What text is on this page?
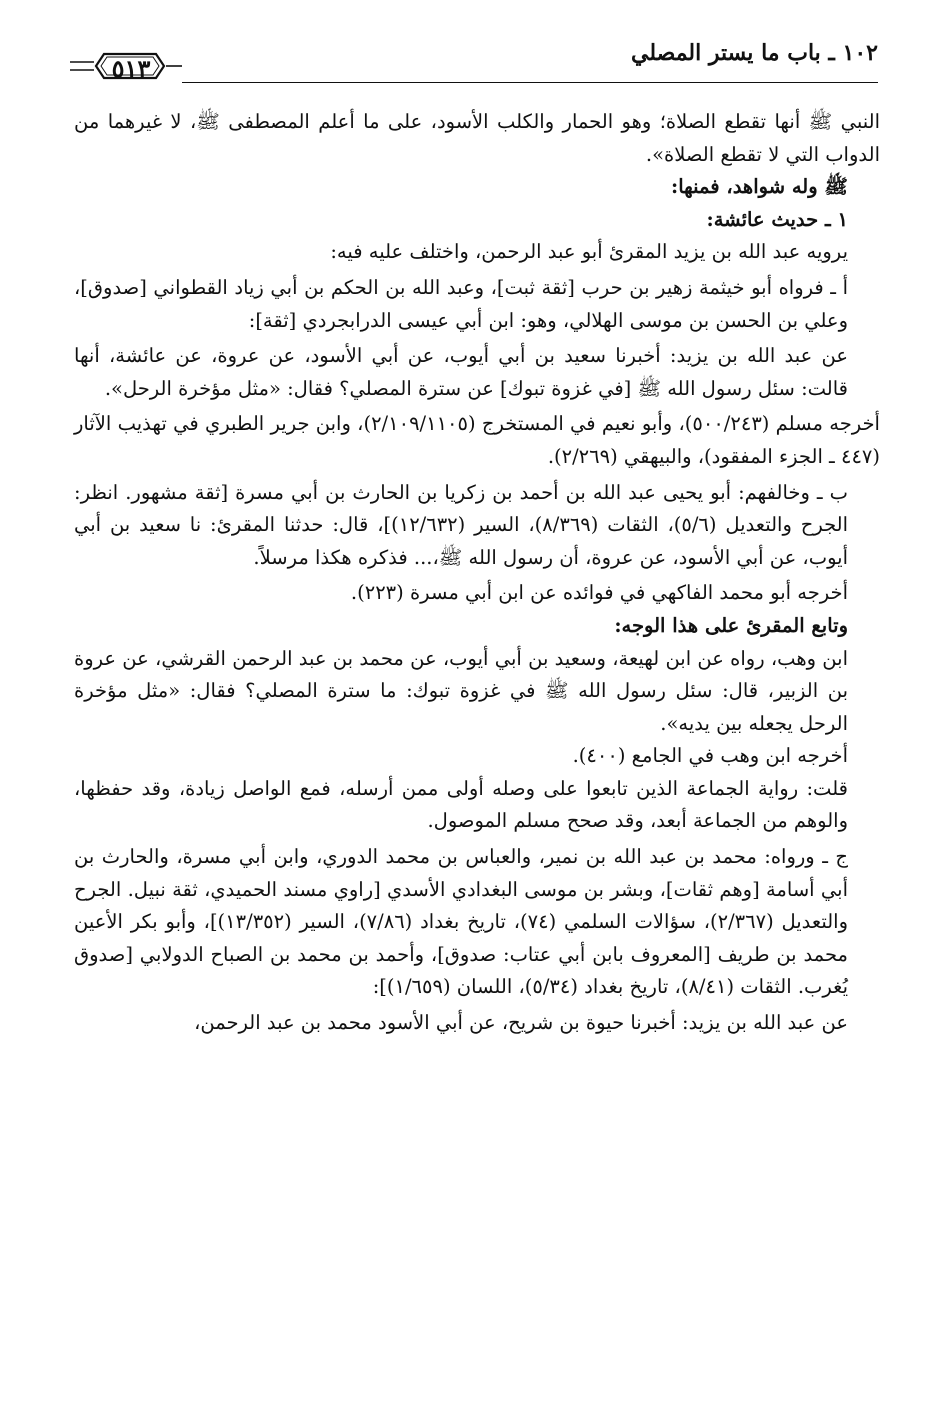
١٠٢ ـ باب ما يستر المصلي
٥١٣

النبي ﷺ أنها تقطع الصلاة؛ وهو الحمار والكلب الأسود، على ما أعلم المصطفى ﷺ، لا غيرهما من الدواب التي لا تقطع الصلاة».

ﷺ وله شواهد، فمنها:

١ ـ حديث عائشة:

يرويه عبد الله بن يزيد المقرئ أبو عبد الرحمن، واختلف عليه فيه:

أ ـ فرواه أبو خيثمة زهير بن حرب [ثقة ثبت]، وعبد الله بن الحكم بن أبي زياد القطواني [صدوق]، وعلي بن الحسن بن موسى الهلالي، وهو: ابن أبي عيسى الدرابجردي [ثقة]:

عن عبد الله بن يزيد: أخبرنا سعيد بن أبي أيوب، عن أبي الأسود، عن عروة، عن عائشة، أنها قالت: سئل رسول الله ﷺ [في غزوة تبوك] عن سترة المصلي؟ فقال: «مثل مؤخرة الرحل».

أخرجه مسلم (٥٠٠/٢٤٣)، وأبو نعيم في المستخرج (٢/١٠٩/١١٠٥)، وابن جرير الطبري في تهذيب الآثار (٤٤٧ ـ الجزء المفقود)، والبيهقي (٢/٢٦٩).

ب ـ وخالفهم: أبو يحيى عبد الله بن أحمد بن زكريا بن الحارث بن أبي مسرة [ثقة مشهور. انظر: الجرح والتعديل (٥/٦)، الثقات (٨/٣٦٩)، السير (١٢/٦٣٢)]، قال: حدثنا المقرئ: نا سعيد بن أبي أيوب، عن أبي الأسود، عن عروة، أن رسول الله ﷺ،... فذكره هكذا مرسلاً.

أخرجه أبو محمد الفاكهي في فوائده عن ابن أبي مسرة (٢٢٣).

وتابع المقرئ على هذا الوجه:

ابن وهب، رواه عن ابن لهيعة، وسعيد بن أبي أيوب، عن محمد بن عبد الرحمن القرشي، عن عروة بن الزبير، قال: سئل رسول الله ﷺ في غزوة تبوك: ما سترة المصلي؟ فقال: «مثل مؤخرة الرحل يجعله بين يديه».

أخرجه ابن وهب في الجامع (٤٠٠).

قلت: رواية الجماعة الذين تابعوا على وصله أولى ممن أرسله، فمع الواصل زيادة، وقد حفظها، والوهم من الجماعة أبعد، وقد صحح مسلم الموصول.

ج ـ ورواه: محمد بن عبد الله بن نمير، والعباس بن محمد الدوري، وابن أبي مسرة، والحارث بن أبي أسامة [وهم ثقات]، وبشر بن موسى البغدادي الأسدي [راوي مسند الحميدي، ثقة نبيل. الجرح والتعديل (٢/٣٦٧)، سؤالات السلمي (٧٤)، تاريخ بغداد (٧/٨٦)، السير (١٣/٣٥٢)]، وأبو بكر الأعين محمد بن طريف [المعروف بابن أبي عتاب: صدوق]، وأحمد بن محمد بن الصباح الدولابي [صدوق يُغرب. الثقات (٨/٤١)، تاريخ بغداد (٥/٣٤)، اللسان (١/٦٥٩)]:

عن عبد الله بن يزيد: أخبرنا حيوة بن شريح، عن أبي الأسود محمد بن عبد الرحمن،
